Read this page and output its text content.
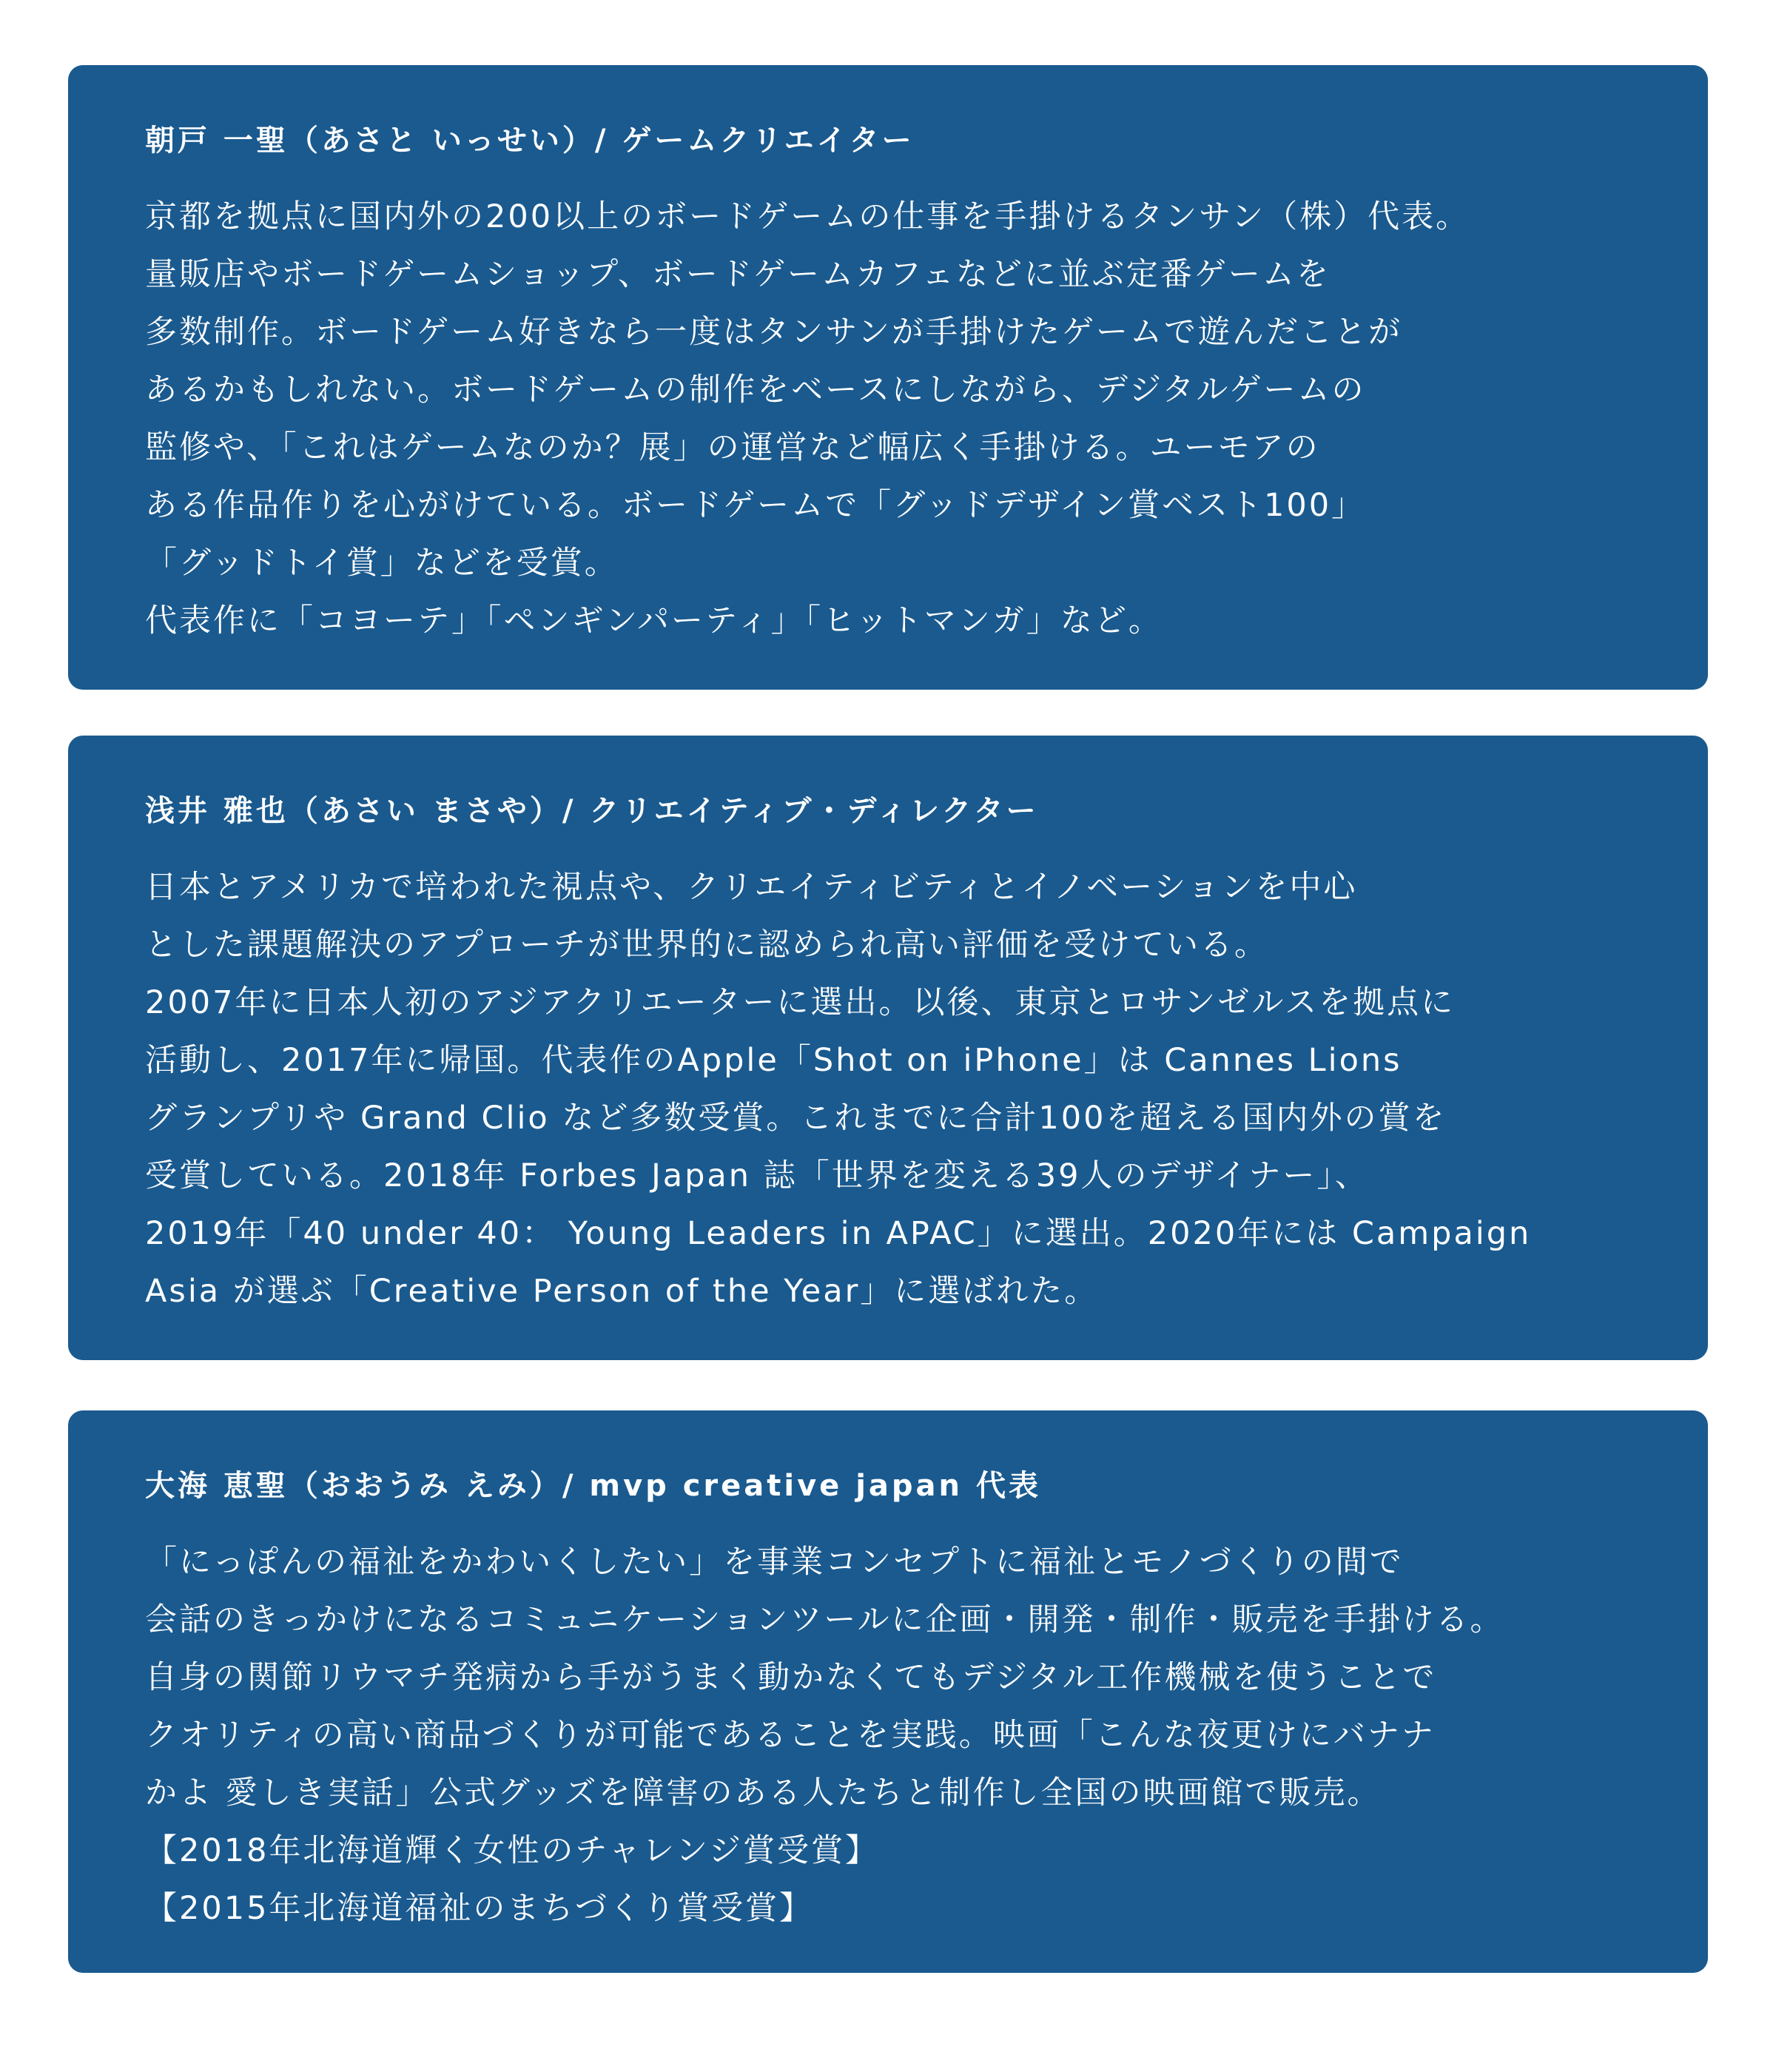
朝戸 一聖（あさと いっせい）/ ゲームクリエイター
京都を拠点に国内外の200以上のボードゲームの仕事を手掛けるタンサン（株）代表。
量販店やボードゲームショップ、ボードゲームカフェなどに並ぶ定番ゲームを
多数制作。ボードゲーム好きなら一度はタンサンが手掛けたゲームで遊んだことが
あるかもしれない。ボードゲームの制作をベースにしながら、デジタルゲームの
監修や、「これはゲームなのか？展」の運営など幅広く手掛ける。ユーモアの
ある作品作りを心がけている。ボードゲームで「グッドデザイン賞ベスト100」
「グッドトイ賞」などを受賞。
代表作に「コヨーテ」「ペンギンパーティ」「ヒットマンガ」など。
浅井 雅也（あさい まさや）/ クリエイティブ・ディレクター
日本とアメリカで培われた視点や、クリエイティビティとイノベーションを中心
とした課題解決のアプローチが世界的に認められ高い評価を受けている。
2007年に日本人初のアジアクリエーターに選出。以後、東京とロサンゼルスを拠点に
活動し、2017年に帰国。代表作のApple「Shot on iPhone」は Cannes Lions
グランプリや Grand Clio など多数受賞。これまでに合計100を超える国内外の賞を
受賞している。2018年 Forbes Japan 誌「世界を変える39人のデザイナー」、
2019年「40 under 40： Young Leaders in APAC」に選出。2020年には Campaign
Asia が選ぶ「Creative Person of the Year」に選ばれた。
大海 恵聖（おおうみ えみ）/ mvp creative japan 代表
「にっぽんの福祉をかわいくしたい」を事業コンセプトに福祉とモノづくりの間で
会話のきっかけになるコミュニケーションツールに企画・開発・制作・販売を手掛ける。
自身の関節リウマチ発病から手がうまく動かなくてもデジタル工作機械を使うことで
クオリティの高い商品づくりが可能であることを実践。映画「こんな夜更けにバナナ
かよ 愛しき実話」公式グッズを障害のある人たちと制作し全国の映画館で販売。
【2018年北海道輝く女性のチャレンジ賞受賞】
【2015年北海道福祉のまちづくり賞受賞】
